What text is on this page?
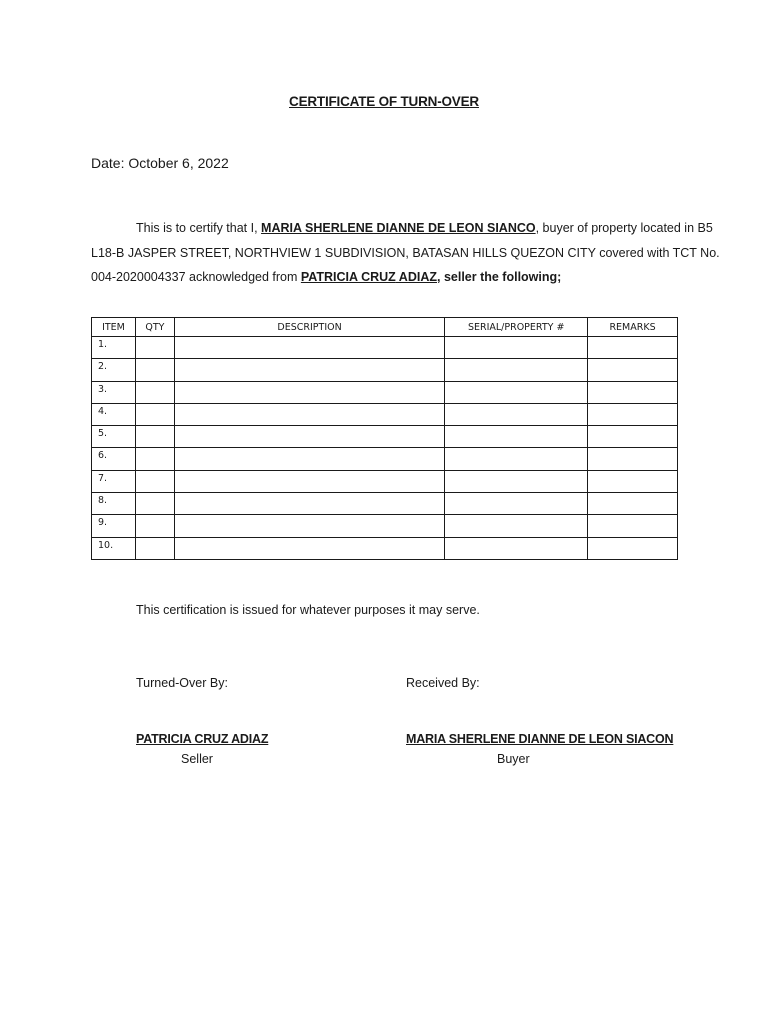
CERTIFICATE OF TURN-OVER
Date: October 6, 2022
This is to certify that I, MARIA SHERLENE DIANNE DE LEON SIANCO, buyer of property located in B5
L18-B JASPER STREET, NORTHVIEW 1 SUBDIVISION, BATASAN HILLS QUEZON CITY covered with TCT No.
004-2020004337 acknowledged from PATRICIA CRUZ ADIAZ, seller the following;
ITEM	QTY	DESCRIPTION	SERIAL/PROPERTY #	REMARKS
1.				
2.				
3.				
4.				
5.				
6.				
7.				
8.				
9.				
10.				
This certification is issued for whatever purposes it may serve.
Turned-Over By:	Received By:
PATRICIA CRUZ ADIAZ	MARIA SHERLENE DIANNE DE LEON SIACON
Seller	Buyer
